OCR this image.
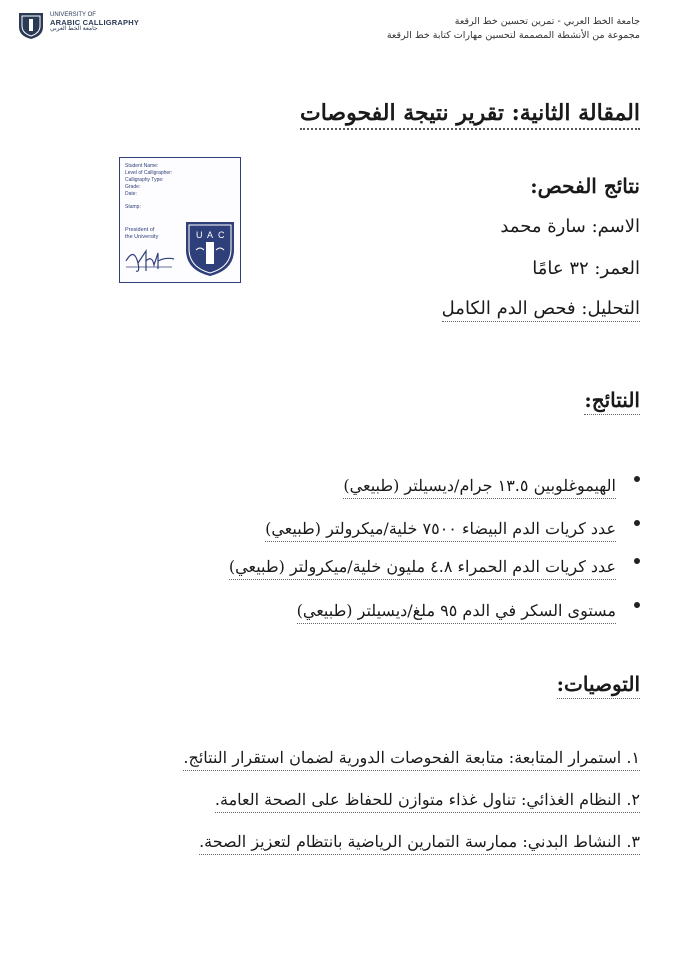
UNIVERSITY OF
ARABIC CALLIGRAPHY
جامعة الخط العربي
جامعة الخط العربي - تمرين تحسين خط الرقعة
مجموعة من الأنشطة المصممة لتحسين مهارات كتابة خط الرقعة
المقالة الثانية: تقرير نتيجة الفحوصات
نتائج الفحص:
الاسم: سارة محمد
العمر: ٣٢ عامًا
التحليل: فحص الدم الكامل
النتائج:
الهيموغلوبين ١٣.٥ جرام/ديسيلتر (طبيعي)
عدد كريات الدم البيضاء ٧٥٠٠ خلية/ميكرولتر (طبيعي)
عدد كريات الدم الحمراء ٤.٨ مليون خلية/ميكرولتر (طبيعي)
مستوى السكر في الدم ٩٥ ملغ/ديسيلتر (طبيعي)
التوصيات:
١. استمرار المتابعة: متابعة الفحوصات الدورية لضمان استقرار النتائج.
٢. النظام الغذائي: تناول غذاء متوازن للحفاظ على الصحة العامة.
٣. النشاط البدني: ممارسة التمارين الرياضية بانتظام لتعزيز الصحة.
Student Name:
Level of Calligrapher:
Calligraphy Type:
Grade:
Date:
Stamp:
President of
the University	U A C
